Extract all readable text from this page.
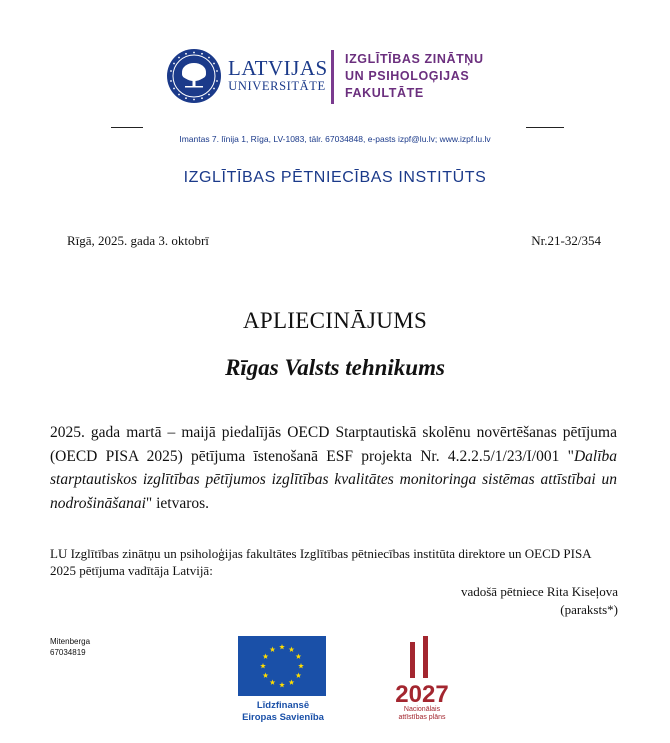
LATVIJAS
UNIVERSITĀTE
IZGLĪTĪBAS ZINĀTŅU
UN PSIHOLOĢIJAS
FAKULTĀTE
Imantas 7. līnija 1, Rīga, LV-1083, tālr. 67034848, e-pasts izpf@lu.lv; www.izpf.lu.lv
IZGLĪTĪBAS PĒTNIECĪBAS INSTITŪTS
Rīgā, 2025. gada 3. oktobrī	Nr.21-32/354
APLIECINĀJUMS
Rīgas Valsts tehnikums
2025. gada martā – maijā piedalījās OECD Starptautiskā skolēnu novērtēšanas pētījuma (OECD PISA 2025) pētījuma īstenošanā ESF projekta Nr. 4.2.2.5/1/23/I/001 "Dalība starptautiskos izglītības pētījumos izglītības kvalitātes monitoringa sistēmas attīstībai un nodrošināšanai" ietvaros.
LU Izglītības zinātņu un psiholoģijas fakultātes Izglītības pētniecības institūta direktore un OECD PISA 2025 pētījuma vadītāja Latvijā:
vadošā pētniece Rita Kiseļova
(paraksts*)
Mitenberga
67034819
Līdzfinansē
Eiropas Savienība
2027
Nacionālais
attīstības plāns
